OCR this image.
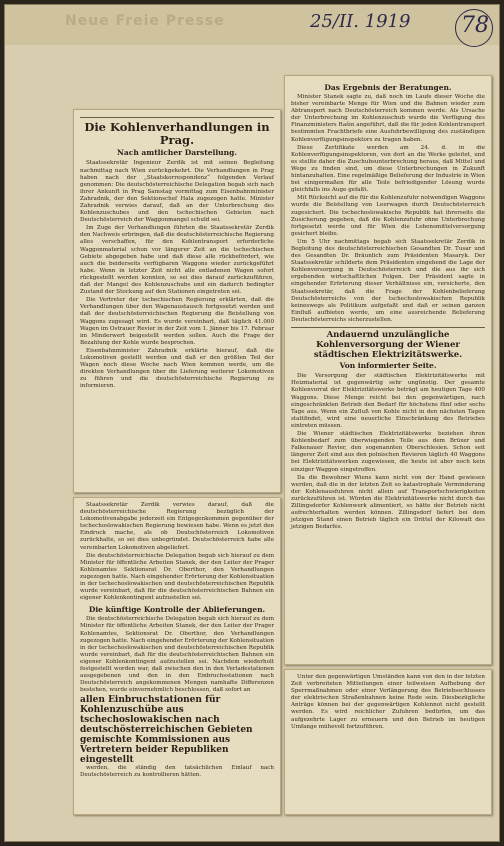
Neue Freie Presse	25/II. 1919 78
Die Kohlenverhandlungen in Prag.
Nach amtlicher Darstellung.

Staatssekretär Ingenieur Zerdik ist mit seinen Begleitung nachmittag nach Wien zurückgekehrt. Die Verhandlungen in Prag haben nach der „Staatskorrespondenz“ folgenden Verlauf genommen: Die deutschösterreichische Delegation begab sich nach ihrer Ankunft in Prag Samstag vormittag zum Eisenbahnminister Zahradnik, der den Sektionschef Hala zugezogen hatte. Minister Zahradnik verwies darauf, daß an der Unterbrechung des Kohlenzuschubes und den tschechischen Gebieten nach Deutschösterreich der Waggonmangel schuld sei.

Im Zuge der Verhandlungen führten die Staatssekretär Zerdik den Nachweis erbringen, daß die deutschösterreichische Regierung alles verschaffen, für den Kohlentransport erforderliche Waggonmaterial schon vor längerer Zeit an die tschechischen Gebiete abgegeben habe und daß diese alle rückbefördert, wie auch die beiderseits verfügbaren Waggons wieder zurückgeführt habe. Wenn in letzter Zeit nicht alle entladenen Wagen sofort rückgestellt werden konnten, so sei dies darauf zurückzuführen, daß der Mangel des Kohlenzuschubs und ein dadurch bedingter Zustand der Stockung auf den Stationen eingetreten sei.

Die Vertreter der tschechischen Regierung erklärten, daß die Verhandlungen über den Wagenaustausch fortgesetzt werden und daß der deutschösterreichischen Regierung die Beistellung von Waggons zugesagt wird. Es wurde vereinbart, daß täglich 41.000 Wagen im Ostrauer Revier in der Zeit vom 1. Jänner bis 17. Februar im Minderwert beigestellt werden sollen. Auch die Frage der Bezahlung der Kohle wurde besprochen.

Eisenbahnminister Zahradnik erklärte hierauf, daß die Lokomotiven gestellt werden und daß er den größten Teil der Wagen noch diese Woche nach Wien kommen werde, um die direkten Verhandlungen über die Lieferung weiterer Lokomotiven zu führen und die deutschösterreichische Regierung zu informieren.

Staatssekretär Zerdik verwies darauf, daß die deutschösterreichische Regierung bezüglich der Lokomotivenabgabe jederzeit ein Entgegenkommen gegenüber der tschechoslowakischen Regierung bewiesen habe. Wenn es jetzt den Eindruck mache, als ob Deutschösterreich Lokomotiven zurückhalte, so sei dies unbegründet. Deutschösterreich habe alle vereinbarten Lokomotiven abgeliefert.

Die deutschösterreichische Delegation begab sich hierauf zu dem Minister für öffentliche Arbeiten Stanek, der den Leiter der Prager Kohlenamtes Sektionsrat Dr. Oberthor, den Verhandlungen zugezogen hatte. Nach eingehender Erörterung der Kohlensituation in der tschechoslowakischen und deutschösterreichischen Republik wurde vereinbart, daß für die deutschösterreichischen Bahnen ein eigener Kohlenkontingent aufzustellen sei.

Die künftige Kontrolle der Ablieferungen.

Die deutschösterreichische Delegation begab sich hierauf zu dem Minister für öffentliche Arbeiten Stanek, der den Leiter der Prager Kohlenamtes, Sektionsrat Dr. Oberthor, den Verhandlungen zugezogen hatte. Nach eingehender Erörterung der Kohlensituation in der tschechoslowakischen und deutschösterreichischen Republik wurde vereinbart, daß für die deutschösterreichischen Bahnen ein eigener Kohlenkontingent aufzustellen sei. Nachdem wiederholt festgestellt worden war, daß zwischen den in den Verladestationen ausgegebenen und den in den Einbruchsstationen nach Deutschösterreich angekommenen Mengen namhafte Differenzen bestehen, wurde einvernehmlich beschlossen, daß sofort an

allen Einbruchstationen für Kohlenzuschübe aus tschechoslowakischen nach deutschösterreichischen Gebieten gemischte Kommissionen aus Vertretern beider Republiken eingestellt

werden, die ständig den tatsächlichen Einlauf nach Deutschösterreich zu kontrollieren hätten.

Das Ergebnis der Beratungen.

Minister Stanek sagte zu, daß noch im Laufe dieser Woche die bisher vereinbarte Menge für Wien und die Bahnen wieder zum Abtransport nach Deutschösterreich kommen werde. Als Ursache der Unterbrechung im Kohlenzuschub wurde die Verfügung des Finanzministers Rašin angeführt, daß die für jeden Kohlentransport bestimmten Frachtbriefe eine Ausfuhrbewilligung des zuständigen Kohlenverfügungsinspektors zu tragen haben.

Diese Zertifikate werden am 24. d. in die Kohlenverfügungsinspektoren, von dort an die Werke geleitet, und es stellte daher die Zuschubsunterbrechung heraus, daß Mittel und Wege zu finden sind, um diese Unterbrechungen in Zukunft hintanzuhalten. Eine regelmäßige Belieferung der Industrie in Wien bei einigermaßen für alle Teile befriedigender Lösung wurde gleichfalls ins Auge gefaßt.

Mit Rücksicht auf die für die Kohlenzufuhr notwendigen Waggons wurde die Beistellung von Leerwagen durch Deutschösterreich zugesichert. Die tschechoslowakische Republik hat ihrerseits die Zusicherung gegeben, daß die Kohlenzufuhr ohne Unterbrechung fortgesetzt werde und für Wien die Lebensmittelversorgung gesichert bleibe.

Um 5 Uhr nachmittags begab sich Staatssekretär Zerdik in Begleitung des deutschösterreichischen Gesandten Dr. Tusar und des Gesandten Dr. Bräunlich zum Präsidenten Masaryk. Der Staatssekretär schilderte dem Präsidenten eingehend die Lage der Kohlenversorgung in Deutschösterreich und die aus ihr sich ergebenden wirtschaftlichen Folgen. Der Präsident sagte in eingehender Erörterung dieser Verhältnisse ein, versicherte, den Staatssekretär, daß die Frage der Kohlenbelieferung Deutschösterreichs von der tschechoslowakischen Republik keineswegs als Politikum aufgefaßt und daß er seinen ganzen Einfluß aufbieten werde, um eine ausreichende Belieferung Deutschösterreichs sicherzustellen.

Andauernd unzulängliche Kohlenversorgung der Wiener städtischen Elektrizitätswerke.
Von informierter Seite.

Die Versorgung der städtischen Elektrizitätswerke mit Heizmaterial ist gegenwärtig sehr ungünstig. Der gesamte Kohlenvorrat der Elektrizitätswerke beträgt am heutigen Tage 400 Waggons. Diese Menge reicht bei den gegenwärtigen, nach eingeschränkten Betrieb den Bedarf für höchstens fünf oder sechs Tage aus. Wenn ein Zufluß von Kohle nicht in den nächsten Tagen stattfindet, wird eine neuerliche Einschränkung des Betriebes eintreten müssen.

Die Wiener städtischen Elektrizitätswerke beziehen ihren Kohlenbedarf zum überwiegenden Teile aus dem Brüxer und Falkenauer Revier, den sogenannten Oberschlesien. Schon seit längerer Zeit sind aus den polnischen Revieren täglich 40 Waggons bei Elektrizitätswerken zugewiesen, die heute ist aber noch kein einziger Waggon eingetroffen.

Da die Bewohner Wiens kann nicht von der Hand gewiesen werden, daß die in der letzten Zeit so katastrophale Verminderung der Kohlenausfuhren nicht allein auf Transportschwierigkeiten zurückzuführen ist. Würden die Elektrizitätswerke nicht durch das Zillingsdorfer Kohlenwerk alimentiert, so hätte der Betrieb nicht aufrechterhalten werden können. Zillingsdorf liefert bei dem jetzigen Stand einen Betrieb täglich ein Drittel der Kilowatt des jetzigen Bedarfes.

Unter den gegenwärtigen Umständen kann von den in der letzten Zeit verbreiteten Mitteilungen einer teilweisen Aufhebung der Sperrmaßnahmen oder einer Verlängerung des Betriebsschlusses der elektrischen Straßenbahnen keine Rede sein. Diesbezügliche Anträge können bei der gegenwärtigen Kohlennot nicht gestellt werden. Es wird reichlicher Zufuhren bedürfen, um das aufgezehrte Lager zu erneuern und den Betrieb im heutigen Umfange mühevoll fortzuführen.
